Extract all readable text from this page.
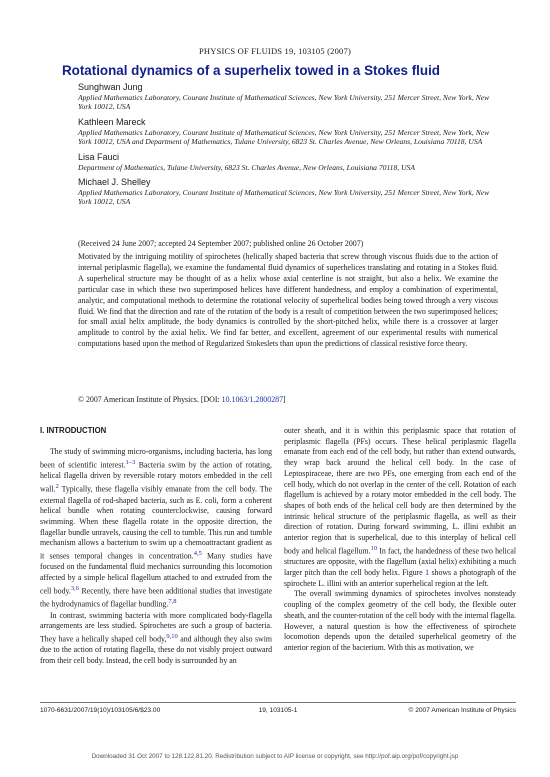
PHYSICS OF FLUIDS 19, 103105 (2007)
Rotational dynamics of a superhelix towed in a Stokes fluid
Sunghwan Jung
Applied Mathematics Laboratory, Courant Institute of Mathematical Sciences, New York University, 251 Mercer Street, New York, New York 10012, USA
Kathleen Mareck
Applied Mathematics Laboratory, Courant Institute of Mathematical Sciences, New York University, 251 Mercer Street, New York, New York 10012, USA and Department of Mathematics, Tulane University, 6823 St. Charles Avenue, New Orleans, Louisiana 70118, USA
Lisa Fauci
Department of Mathematics, Tulane University, 6823 St. Charles Avenue, New Orleans, Louisiana 70118, USA
Michael J. Shelley
Applied Mathematics Laboratory, Courant Institute of Mathematical Sciences, New York University, 251 Mercer Street, New York, New York 10012, USA
(Received 24 June 2007; accepted 24 September 2007; published online 26 October 2007)
Motivated by the intriguing motility of spirochetes (helically shaped bacteria that screw through viscous fluids due to the action of internal periplasmic flagella), we examine the fundamental fluid dynamics of superhelices translating and rotating in a Stokes fluid. A superhelical structure may be thought of as a helix whose axial centerline is not straight, but also a helix. We examine the particular case in which these two superimposed helices have different handedness, and employ a combination of experimental, analytic, and computational methods to determine the rotational velocity of superhelical bodies being towed through a very viscous fluid. We find that the direction and rate of the rotation of the body is a result of competition between the two superimposed helices; for small axial helix amplitude, the body dynamics is controlled by the short-pitched helix, while there is a crossover at larger amplitude to control by the axial helix. We find far better, and excellent, agreement of our experimental results with numerical computations based upon the method of Regularized Stokeslets than upon the predictions of classical resistive force theory.
© 2007 American Institute of Physics. [DOI: 10.1063/1.2800287]
I. INTRODUCTION

The study of swimming micro-organisms, including bacteria, has long been of scientific interest.$^{1-3}$ Bacteria swim by the action of rotating, helical flagella driven by reversible rotary motors embedded in the cell wall.$^2$ Typically, these flagella visibly emanate from the cell body. The external flagella of rod-shaped bacteria, such as E. coli, form a coherent helical bundle when rotating counterclockwise, causing forward swimming. When these flagella rotate in the opposite direction, the flagellar bundle unravels, causing the cell to tumble. This run and tumble mechanism allows a bacterium to swim up a chemoattractant gradient as it senses temporal changes in concentration.$^{4,5}$ Many studies have focused on the fundamental fluid mechanics surrounding this locomotion affected by a simple helical flagellum attached to and extruded from the cell body.$^{3,6}$ Recently, there have been additional studies that investigate the hydrodynamics of flagellar bundling.$^{7,8}$

In contrast, swimming bacteria with more complicated body-flagella arrangements are less studied. Spirochetes are such a group of bacteria. They have a helically shaped cell body,$^{9,10}$ and although they also swim due to the action of rotating flagella, these do not visibly project outward from their cell body. Instead, the cell body is surrounded by an

outer sheath, and it is within this periplasmic space that rotation of periplasmic flagella (PFs) occurs. These helical periplasmic flagella emanate from each end of the cell body, but rather than extend outwards, they wrap back around the helical cell body. In the case of Leptospiraceae, there are two PFs, one emerging from each end of the cell body, which do not overlap in the center of the cell. Rotation of each flagellum is achieved by a rotary motor embedded in the cell body. The shapes of both ends of the helical cell body are then determined by the intrinsic helical structure of the periplasmic flagella, as well as their direction of rotation. During forward swimming, L. illini exhibit an anterior region that is superhelical, due to this interplay of helical cell body and helical flagellum.$^{10}$ In fact, the handedness of these two helical structures are opposite, with the flagellum (axial helix) exhibiting a much larger pitch than the cell body helix. Figure 1 shows a photograph of the spirochete L. illini with an anterior superhelical region at the left.

The overall swimming dynamics of spirochetes involves nonsteady coupling of the complex geometry of the cell body, the flexible outer sheath, and the counter-rotation of the cell body with the internal flagella. However, a natural question is how the effectiveness of spirochete locomotion depends upon the detailed superhelical geometry of the anterior region of the bacterium. With this as motivation, we

1070-6631/2007/19(10)/103105/6/$23.00	19, 103105-1	© 2007 American Institute of Physics
Downloaded 31 Oct 2007 to 128.122.81.20. Redistribution subject to AIP license or copyright, see http://pof.aip.org/pof/copyright.jsp
